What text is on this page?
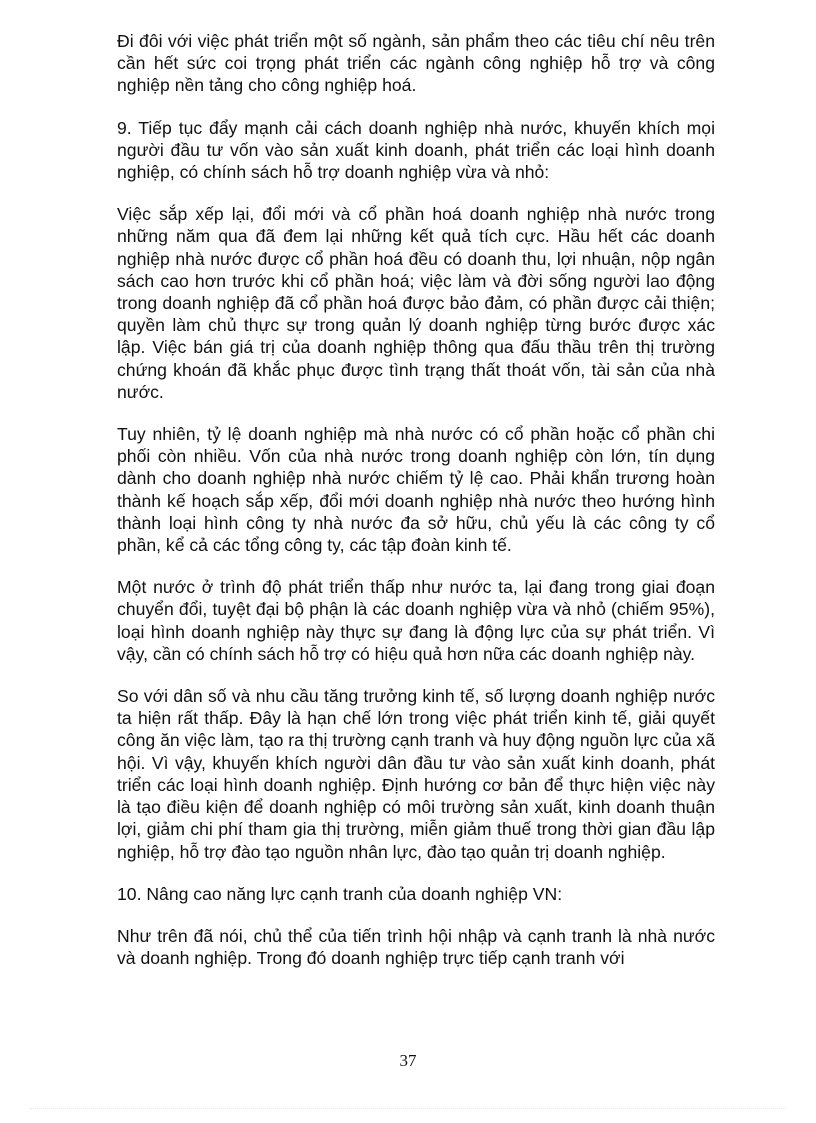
Đi đôi với việc phát triển một số ngành, sản phẩm theo các tiêu chí nêu trên cần hết sức coi trọng phát triển các ngành công nghiệp hỗ trợ và công nghiệp nền tảng cho công nghiệp hoá.

9. Tiếp tục đẩy mạnh cải cách doanh nghiệp nhà nước, khuyến khích mọi người đầu tư vốn vào sản xuất kinh doanh, phát triển các loại hình doanh nghiệp, có chính sách hỗ trợ doanh nghiệp vừa và nhỏ:

Việc sắp xếp lại, đổi mới và cổ phần hoá doanh nghiệp nhà nước trong những năm qua đã đem lại những kết quả tích cực. Hầu hết các doanh nghiệp nhà nước được cổ phần hoá đều có doanh thu, lợi nhuận, nộp ngân sách cao hơn trước khi cổ phần hoá; việc làm và đời sống người lao động trong doanh nghiệp đã cổ phần hoá được bảo đảm, có phần được cải thiện; quyền làm chủ thực sự trong quản lý doanh nghiệp từng bước được xác lập. Việc bán giá trị của doanh nghiệp thông qua đấu thầu trên thị trường chứng khoán đã khắc phục được tình trạng thất thoát vốn, tài sản của nhà nước.

Tuy nhiên, tỷ lệ doanh nghiệp mà nhà nước có cổ phần hoặc cổ phần chi phối còn nhiều. Vốn của nhà nước trong doanh nghiệp còn lớn, tín dụng dành cho doanh nghiệp nhà nước chiếm tỷ lệ cao. Phải khẩn trương hoàn thành kế hoạch sắp xếp, đổi mới doanh nghiệp nhà nước theo hướng hình thành loại hình công ty nhà nước đa sở hữu, chủ yếu là các công ty cổ phần, kể cả các tổng công ty, các tập đoàn kinh tế.

Một nước ở trình độ phát triển thấp như nước ta, lại đang trong giai đoạn chuyển đổi, tuyệt đại bộ phận là các doanh nghiệp vừa và nhỏ (chiếm 95%), loại hình doanh nghiệp này thực sự đang là động lực của sự phát triển. Vì vậy, cần có chính sách hỗ trợ có hiệu quả hơn nữa các doanh nghiệp này.

So với dân số và nhu cầu tăng trưởng kinh tế, số lượng doanh nghiệp nước ta hiện rất thấp. Đây là hạn chế lớn trong việc phát triển kinh tế, giải quyết công ăn việc làm, tạo ra thị trường cạnh tranh và huy động nguồn lực của xã hội. Vì vậy, khuyến khích người dân đầu tư vào sản xuất kinh doanh, phát triển các loại hình doanh nghiệp. Định hướng cơ bản để thực hiện việc này là tạo điều kiện để doanh nghiệp có môi trường sản xuất, kinh doanh thuận lợi, giảm chi phí tham gia thị trường, miễn giảm thuế trong thời gian đầu lập nghiệp, hỗ trợ đào tạo nguồn nhân lực, đào tạo quản trị doanh nghiệp.

10. Nâng cao năng lực cạnh tranh của doanh nghiệp VN:

Như trên đã nói, chủ thể của tiến trình hội nhập và cạnh tranh là nhà nước và doanh nghiệp. Trong đó doanh nghiệp trực tiếp cạnh tranh với

37
